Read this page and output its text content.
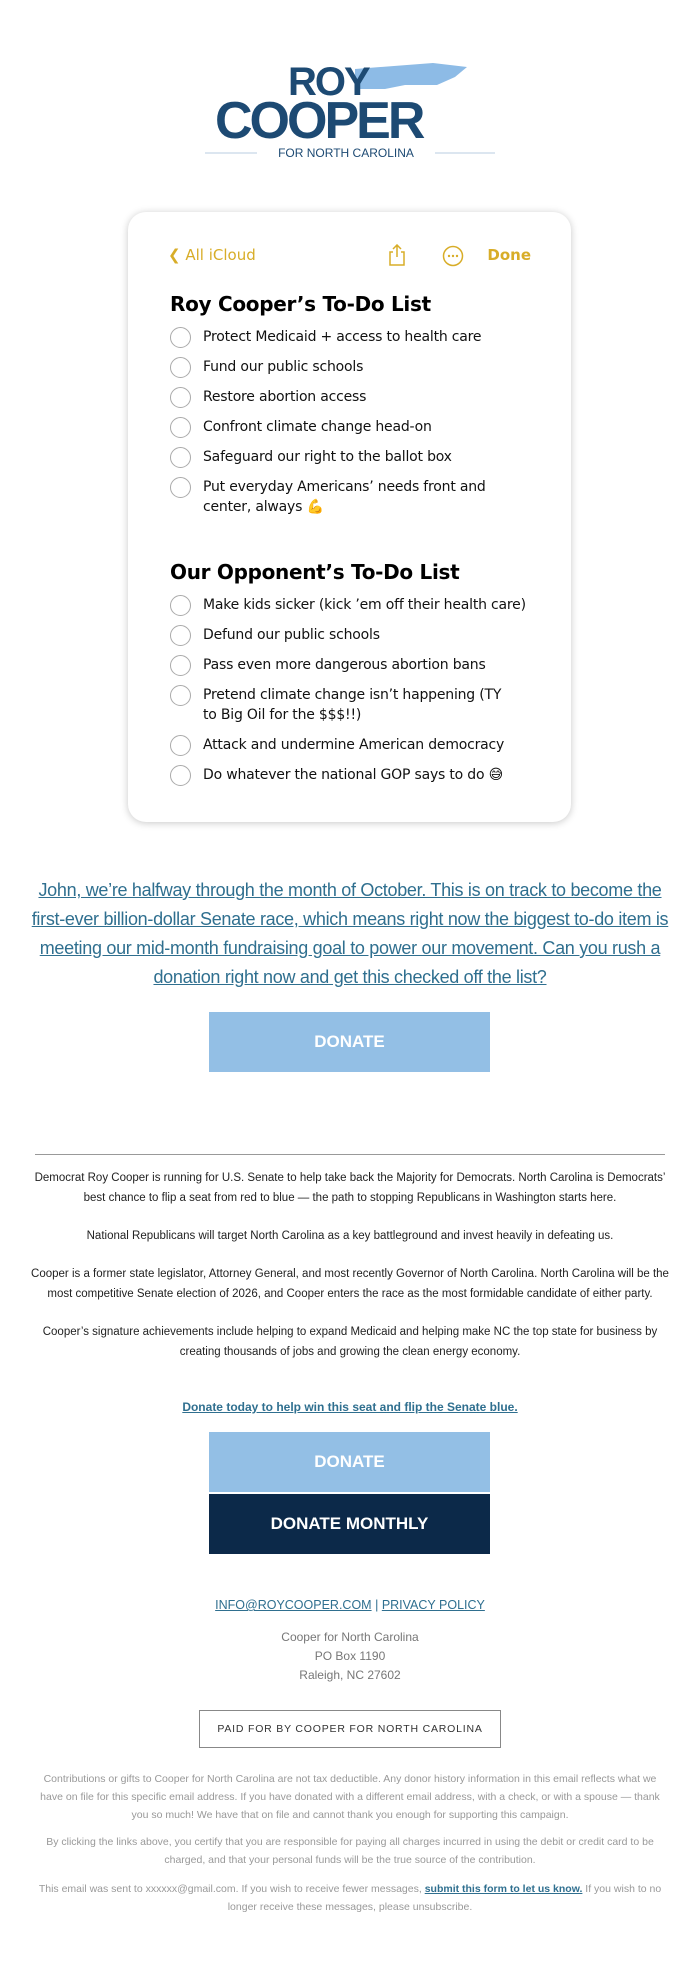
ROY
COOPER
FOR NORTH CAROLINA
❮ All iCloud	Done
Roy Cooper’s To-Do List
Protect Medicaid + access to health care
Fund our public schools
Restore abortion access
Confront climate change head-on
Safeguard our right to the ballot box
Put everyday Americans’ needs front and center, always 💪
Our Opponent’s To-Do List
Make kids sicker (kick ’em off their health care)
Defund our public schools
Pass even more dangerous abortion bans
Pretend climate change isn’t happening (TY to Big Oil for the $$$!!)
Attack and undermine American democracy
Do whatever the national GOP says to do 😅
John, we’re halfway through the month of October. This is on track to become the first-ever billion-dollar Senate race, which means right now the biggest to-do item is meeting our mid-month fundraising goal to power our movement. Can you rush a donation right now and get this checked off the list?
DONATE

Democrat Roy Cooper is running for U.S. Senate to help take back the Majority for Democrats. North Carolina is Democrats’ best chance to flip a seat from red to blue — the path to stopping Republicans in Washington starts here.

National Republicans will target North Carolina as a key battleground and invest heavily in defeating us.

Cooper is a former state legislator, Attorney General, and most recently Governor of North Carolina. North Carolina will be the most competitive Senate election of 2026, and Cooper enters the race as the most formidable candidate of either party.

Cooper’s signature achievements include helping to expand Medicaid and helping make NC the top state for business by creating thousands of jobs and growing the clean energy economy.

Donate today to help win this seat and flip the Senate blue.
DONATE
DONATE MONTHLY
INFO@ROYCOOPER.COM | PRIVACY POLICY
Cooper for North Carolina
PO Box 1190
Raleigh, NC 27602
PAID FOR BY COOPER FOR NORTH CAROLINA
Contributions or gifts to Cooper for North Carolina are not tax deductible. Any donor history information in this email reflects what we have on file for this specific email address. If you have donated with a different email address, with a check, or with a spouse — thank you so much! We have that on file and cannot thank you enough for supporting this campaign.
By clicking the links above, you certify that you are responsible for paying all charges incurred in using the debit or credit card to be charged, and that your personal funds will be the true source of the contribution.
This email was sent to xxxxxx@gmail.com. If you wish to receive fewer messages, submit this form to let us know. If you wish to no longer receive these messages, please unsubscribe.
